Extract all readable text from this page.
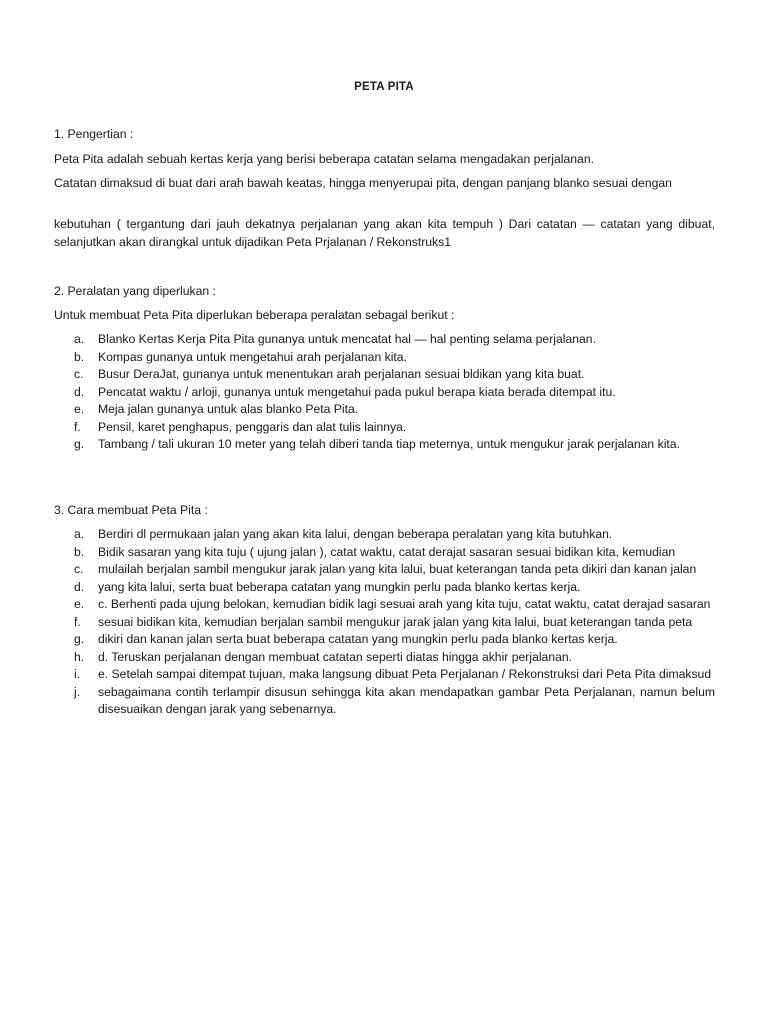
PETA PITA

1. Pengertian :

Peta Pita adalah sebuah kertas kerja yang berisi beberapa catatan selama mengadakan perjalanan.

Catatan dimaksud di buat dari arah bawah keatas, hingga menyerupai pita, dengan panjang blanko sesuai dengan

kebutuhan ( tergantung dari jauh dekatnya perjalanan yang akan kita tempuh ) Dari catatan — catatan yang dibuat, selanjutkan akan dirangkal untuk dijadikan Peta Prjalanan / Rekonstruks1

2. Peralatan yang diperlukan :

Untuk membuat Peta Pita diperlukan beberapa peralatan sebagal berikut :

a. Blanko Kertas Kerja Pita Pita gunanya untuk mencatat hal — hal penting selama perjalanan.
b. Kompas gunanya untuk mengetahui arah perjalanan kita.
c. Busur DeraJat, gunanya untuk menentukan arah perjalanan sesuai bldikan yang kita buat.
d. Pencatat waktu / arloji, gunanya untuk mengetahui pada pukul berapa kiata berada ditempat itu.
e. Meja jalan gunanya untuk alas blanko Peta Pita.
f. Pensil, karet penghapus, penggaris dan alat tulis lainnya.
g. Tambang / tali ukuran 10 meter yang telah diberi tanda tiap meternya, untuk mengukur jarak perjalanan kita.

3. Cara membuat Peta Pita :

a. Berdiri dl permukaan jalan yang akan kita lalui, dengan beberapa peralatan yang kita butuhkan.
b. Bidik sasaran yang kita tuju ( ujung jalan ), catat waktu, catat derajat sasaran sesuai bidikan kita, kemudian
c. mulailah berjalan sambil mengukur jarak jalan yang kita lalui, buat keterangan tanda peta dikiri dan kanan jalan
d. yang kita lalui, serta buat beberapa catatan yang mungkin perlu pada blanko kertas kerja.
e. c. Berhenti pada ujung belokan, kemudian bidik lagi sesuai arah yang kita tuju, catat waktu, catat derajad sasaran
f. sesuai bidikan kita, kemudian berjalan sambil mengukur jarak jalan yang kita lalui, buat keterangan tanda peta
g. dikiri dan kanan jalan serta buat beberapa catatan yang mungkin perlu pada blanko kertas kerja.
h. d. Teruskan perjalanan dengan membuat catatan seperti diatas hingga akhir perjalanan.
i. e. Setelah sampai ditempat tujuan, maka langsung dibuat Peta Perjalanan / Rekonstruksi dari Peta Pita dimaksud
j. sebagaimana contih terlampir disusun sehingga kita akan mendapatkan gambar Peta Perjalanan, namun belum disesuaikan dengan jarak yang sebenarnya.
